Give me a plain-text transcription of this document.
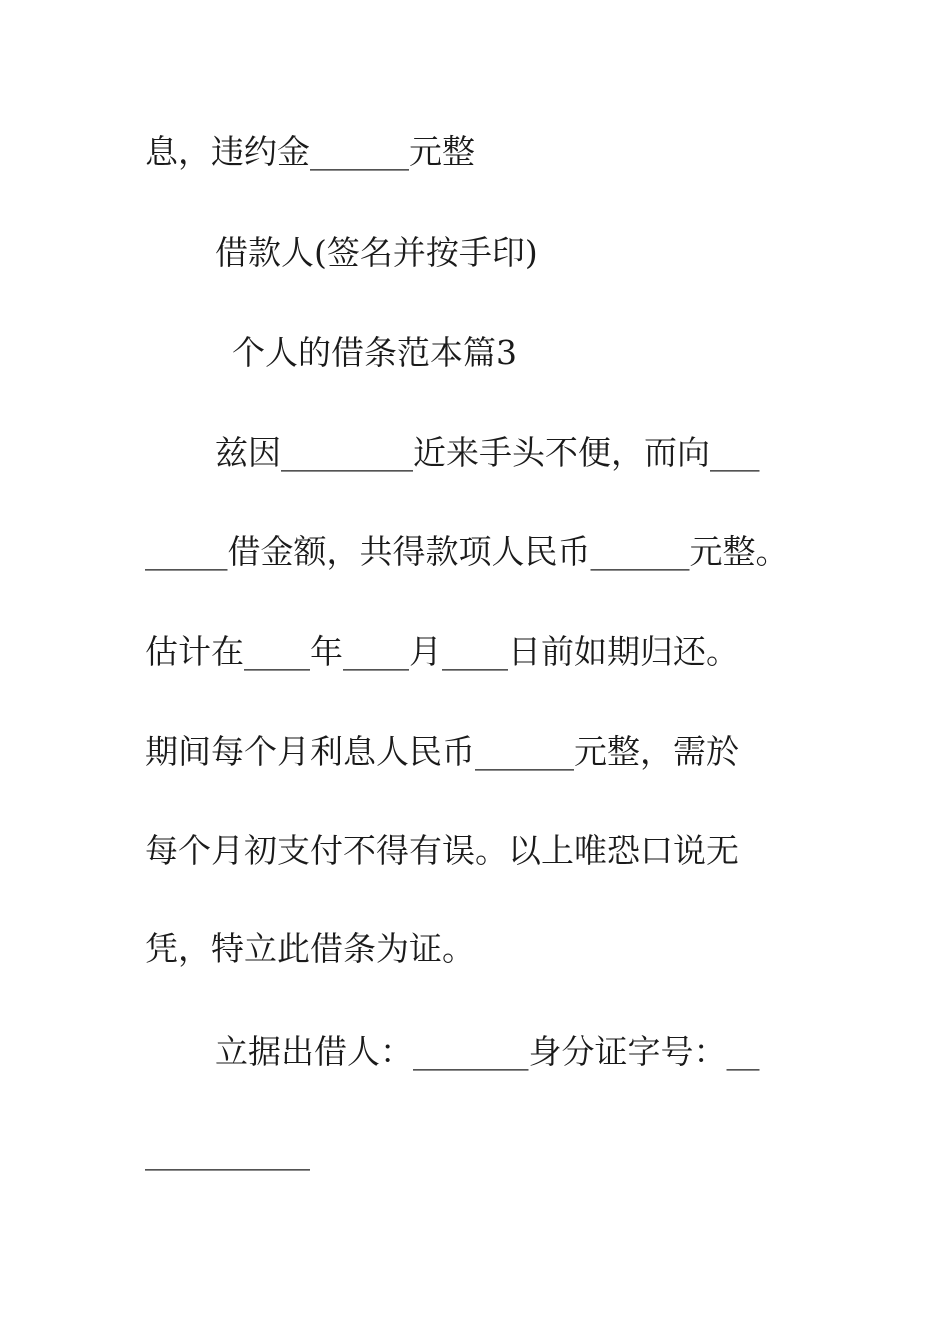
息，违约金______元整
借款人(签名并按手印)
个人的借条范本篇3
兹因________近来手头不便，而向___
_____借金额，共得款项人民币______元整。
估计在____年____月____日前如期归还。
期间每个月利息人民币______元整，需於
每个月初支付不得有误。以上唯恐口说无
凭，特立此借条为证。
立据出借人：_______身分证字号：__
__________
